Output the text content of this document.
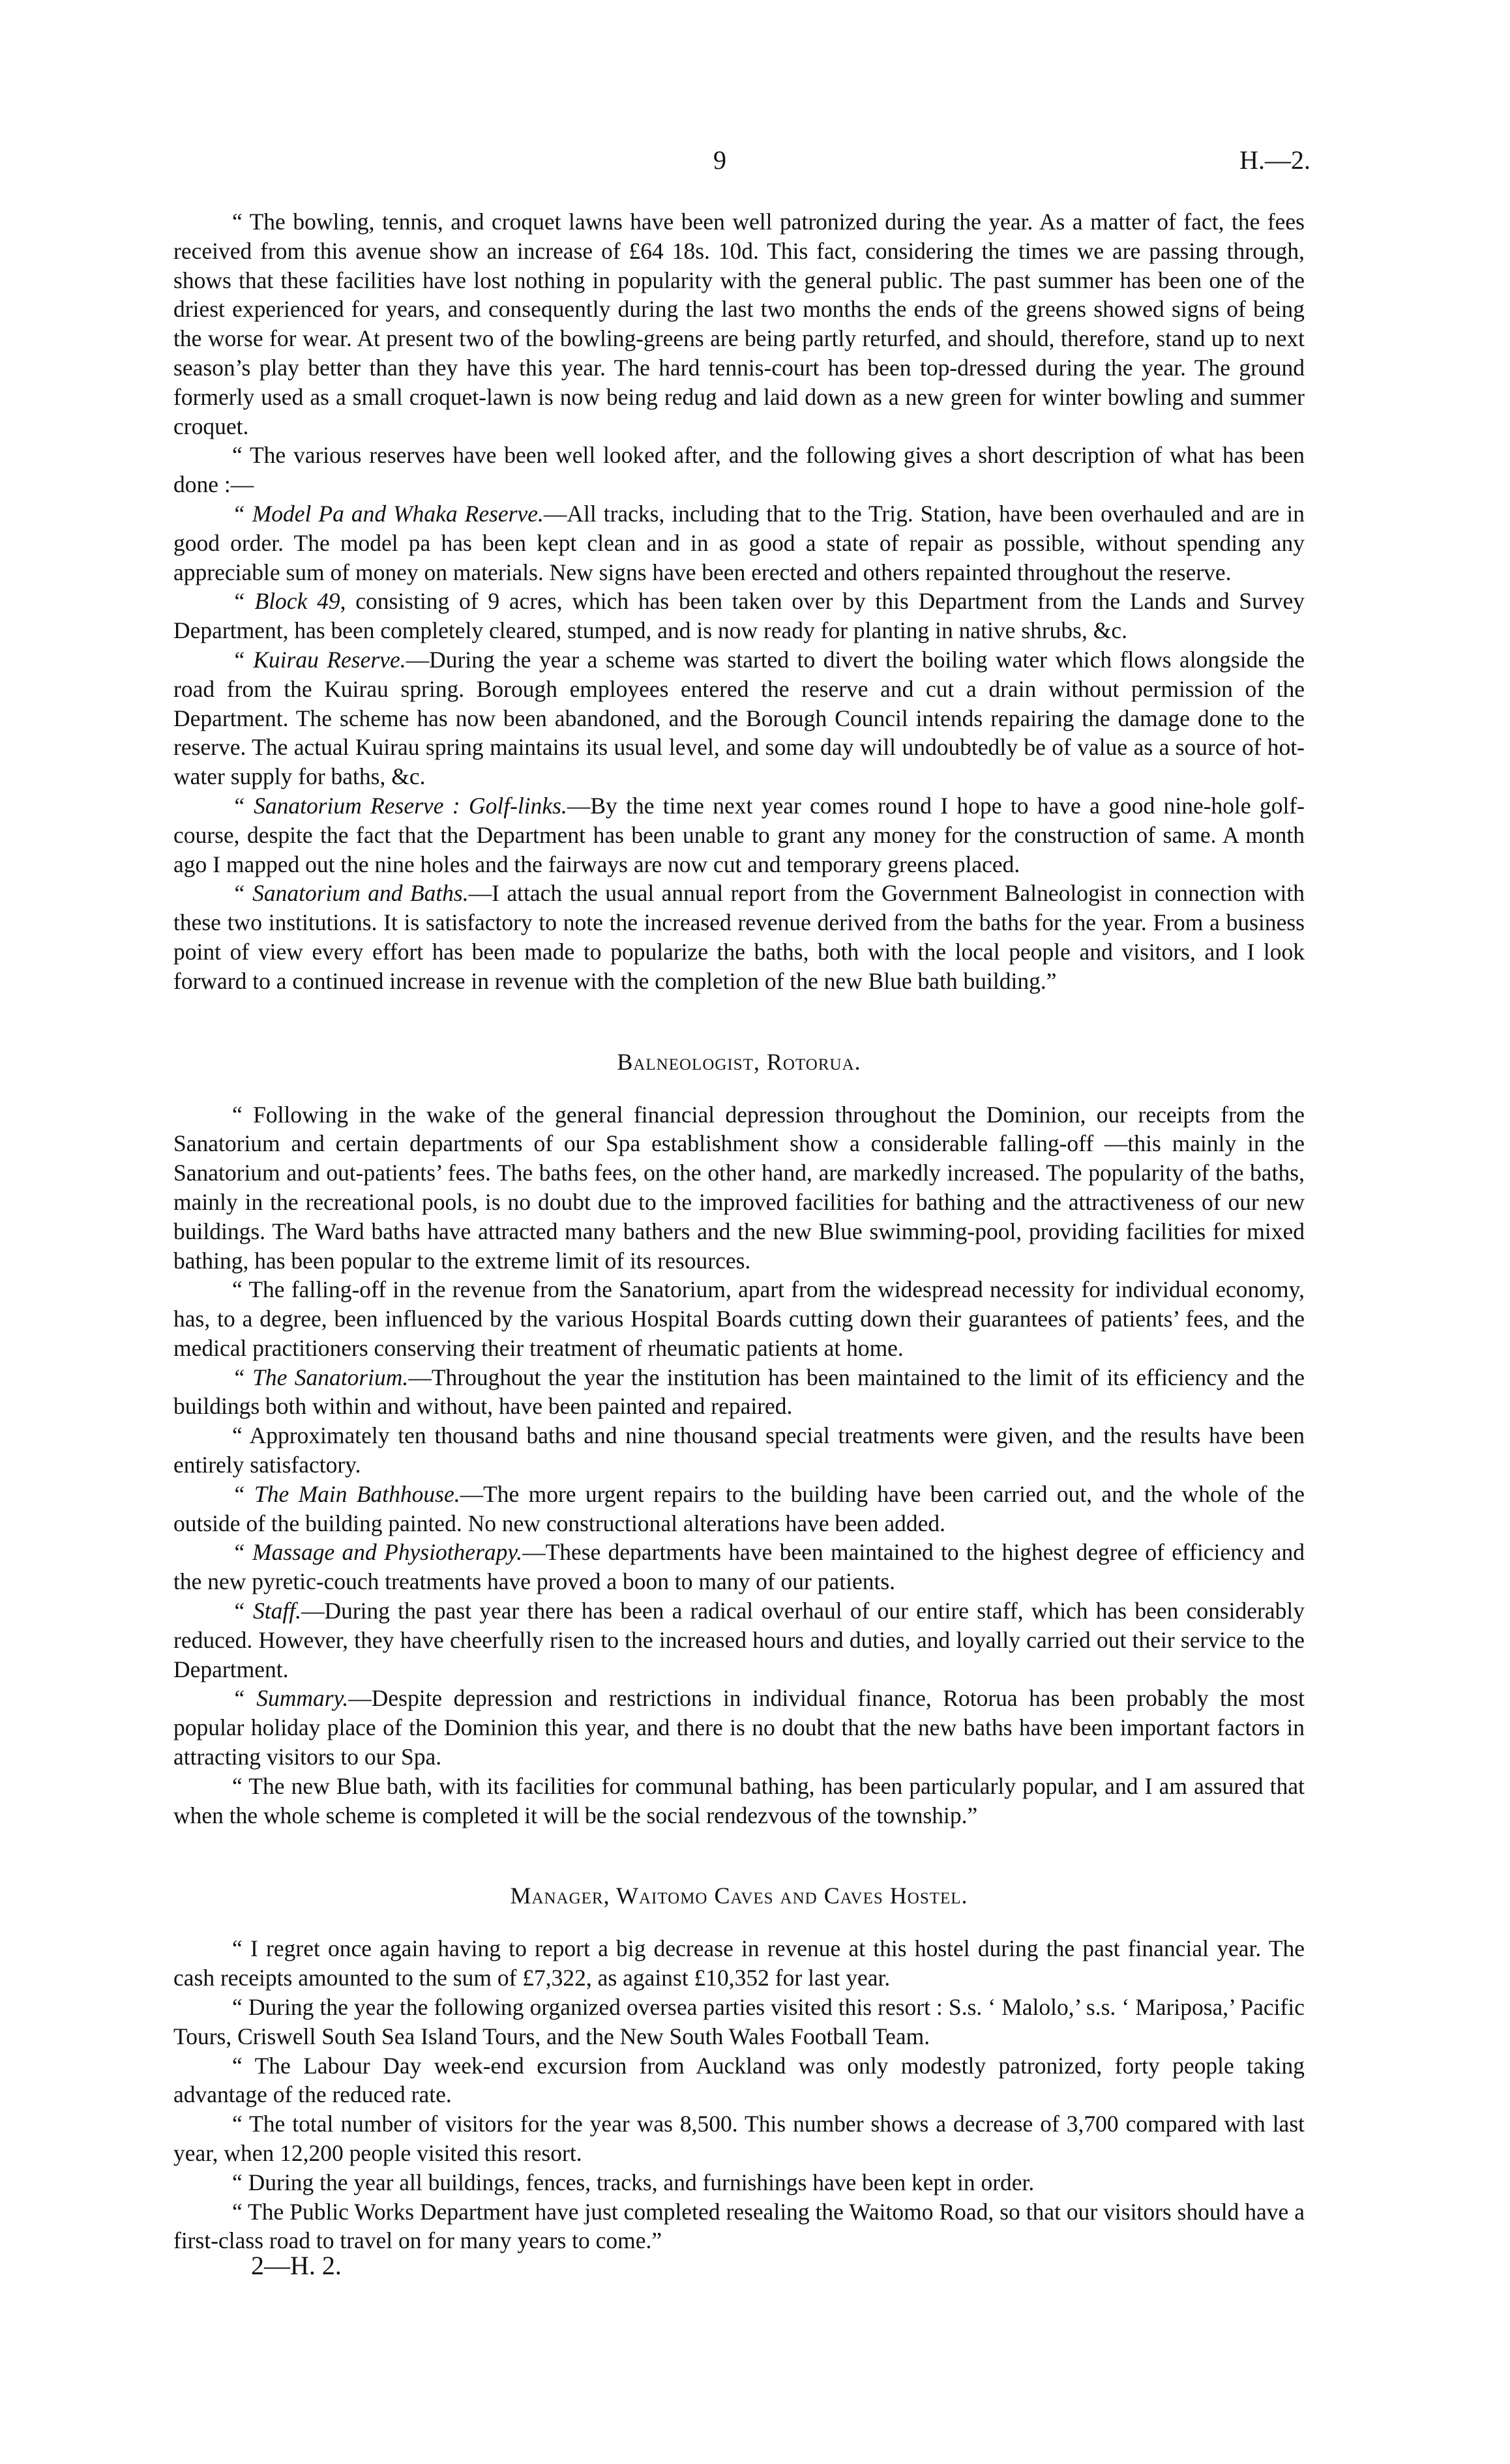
9	H.—2.

“ The bowling, tennis, and croquet lawns have been well patronized during the year. As a matter of fact, the fees received from this avenue show an increase of £64 18s. 10d. This fact, considering the times we are passing through, shows that these facilities have lost nothing in popularity with the general public. The past summer has been one of the driest experienced for years, and consequently during the last two months the ends of the greens showed signs of being the worse for wear. At present two of the bowling-greens are being partly returfed, and should, therefore, stand up to next season’s play better than they have this year. The hard tennis-court has been top-dressed during the year. The ground formerly used as a small croquet-lawn is now being redug and laid down as a new green for winter bowling and summer croquet.

“ The various reserves have been well looked after, and the following gives a short description of what has been done :—

“ Model Pa and Whaka Reserve.—All tracks, including that to the Trig. Station, have been overhauled and are in good order. The model pa has been kept clean and in as good a state of repair as possible, without spending any appreciable sum of money on materials. New signs have been erected and others repainted throughout the reserve.

“ Block 49, consisting of 9 acres, which has been taken over by this Department from the Lands and Survey Department, has been completely cleared, stumped, and is now ready for planting in native shrubs, &c.

“ Kuirau Reserve.—During the year a scheme was started to divert the boiling water which flows alongside the road from the Kuirau spring. Borough employees entered the reserve and cut a drain without permission of the Department. The scheme has now been abandoned, and the Borough Council intends repairing the damage done to the reserve. The actual Kuirau spring maintains its usual level, and some day will undoubtedly be of value as a source of hot-water supply for baths, &c.

“ Sanatorium Reserve : Golf-links.—By the time next year comes round I hope to have a good nine-hole golf-course, despite the fact that the Department has been unable to grant any money for the construction of same. A month ago I mapped out the nine holes and the fairways are now cut and temporary greens placed.

“ Sanatorium and Baths.—I attach the usual annual report from the Government Balneologist in connection with these two institutions. It is satisfactory to note the increased revenue derived from the baths for the year. From a business point of view every effort has been made to popularize the baths, both with the local people and visitors, and I look forward to a continued increase in revenue with the completion of the new Blue bath building.”

Balneologist, Rotorua.

“ Following in the wake of the general financial depression throughout the Dominion, our receipts from the Sanatorium and certain departments of our Spa establishment show a considerable falling-off —this mainly in the Sanatorium and out-patients’ fees. The baths fees, on the other hand, are markedly increased. The popularity of the baths, mainly in the recreational pools, is no doubt due to the improved facilities for bathing and the attractiveness of our new buildings. The Ward baths have attracted many bathers and the new Blue swimming-pool, providing facilities for mixed bathing, has been popular to the extreme limit of its resources.

“ The falling-off in the revenue from the Sanatorium, apart from the widespread necessity for individual economy, has, to a degree, been influenced by the various Hospital Boards cutting down their guarantees of patients’ fees, and the medical practitioners conserving their treatment of rheumatic patients at home.

“ The Sanatorium.—Throughout the year the institution has been maintained to the limit of its efficiency and the buildings both within and without, have been painted and repaired.

“ Approximately ten thousand baths and nine thousand special treatments were given, and the results have been entirely satisfactory.

“ The Main Bathhouse.—The more urgent repairs to the building have been carried out, and the whole of the outside of the building painted. No new constructional alterations have been added.

“ Massage and Physiotherapy.—These departments have been maintained to the highest degree of efficiency and the new pyretic-couch treatments have proved a boon to many of our patients.

“ Staff.—During the past year there has been a radical overhaul of our entire staff, which has been considerably reduced. However, they have cheerfully risen to the increased hours and duties, and loyally carried out their service to the Department.

“ Summary.—Despite depression and restrictions in individual finance, Rotorua has been probably the most popular holiday place of the Dominion this year, and there is no doubt that the new baths have been important factors in attracting visitors to our Spa.

“ The new Blue bath, with its facilities for communal bathing, has been particularly popular, and I am assured that when the whole scheme is completed it will be the social rendezvous of the township.”

Manager, Waitomo Caves and Caves Hostel.

“ I regret once again having to report a big decrease in revenue at this hostel during the past financial year. The cash receipts amounted to the sum of £7,322, as against £10,352 for last year.

“ During the year the following organized oversea parties visited this resort : S.s. ‘ Malolo,’ s.s. ‘ Mariposa,’ Pacific Tours, Criswell South Sea Island Tours, and the New South Wales Football Team.

“ The Labour Day week-end excursion from Auckland was only modestly patronized, forty people taking advantage of the reduced rate.

“ The total number of visitors for the year was 8,500. This number shows a decrease of 3,700 compared with last year, when 12,200 people visited this resort.

“ During the year all buildings, fences, tracks, and furnishings have been kept in order.

“ The Public Works Department have just completed resealing the Waitomo Road, so that our visitors should have a first-class road to travel on for many years to come.”

2—H. 2.
